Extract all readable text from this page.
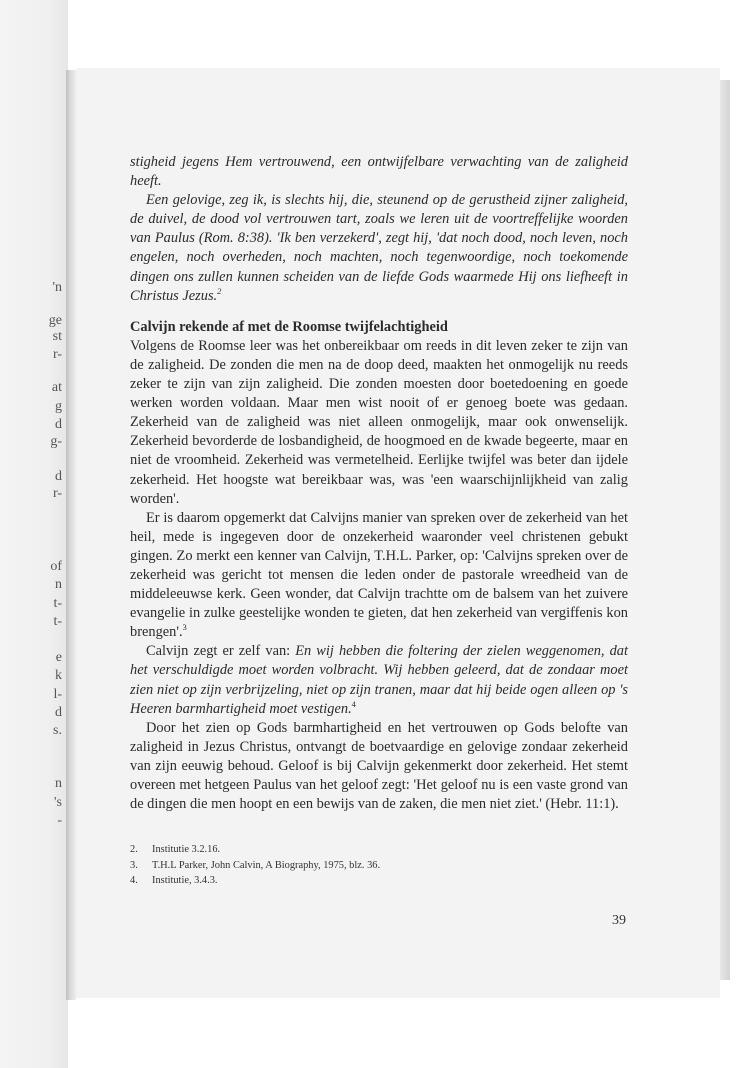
'n
ge
st
r-
at
g
d
g-
d
r-
of
n
t-
t-
e
k
l-
d
s.
n
's
-

stigheid jegens Hem vertrouwend, een ontwijfelbare verwachting van de zaligheid heeft.

Een gelovige, zeg ik, is slechts hij, die, steunend op de gerustheid zijner zaligheid, de duivel, de dood vol vertrouwen tart, zoals we leren uit de voortreffelijke woorden van Paulus (Rom. 8:38). 'Ik ben verzekerd', zegt hij, 'dat noch dood, noch leven, noch engelen, noch overheden, noch machten, noch tegenwoordige, noch toekomende dingen ons zullen kunnen scheiden van de liefde Gods waarmede Hij ons liefheeft in Christus Jezus.$^2$

Calvijn rekende af met de Roomse twijfelachtigheid

Volgens de Roomse leer was het onbereikbaar om reeds in dit leven zeker te zijn van de zaligheid. De zonden die men na de doop deed, maakten het onmogelijk nu reeds zeker te zijn van zijn zaligheid. Die zonden moesten door boetedoening en goede werken worden voldaan. Maar men wist nooit of er genoeg boete was gedaan. Zekerheid van de zaligheid was niet alleen onmogelijk, maar ook onwenselijk. Zekerheid bevorderde de losbandigheid, de hoogmoed en de kwade begeerte, maar en niet de vroomheid. Zekerheid was vermetelheid. Eerlijke twijfel was beter dan ijdele zekerheid. Het hoogste wat bereikbaar was, was 'een waarschijnlijkheid van zalig worden'.

Er is daarom opgemerkt dat Calvijns manier van spreken over de zekerheid van het heil, mede is ingegeven door de onzekerheid waaronder veel christenen gebukt gingen. Zo merkt een kenner van Calvijn, T.H.L. Parker, op: 'Calvijns spreken over de zekerheid was gericht tot mensen die leden onder de pastorale wreedheid van de middeleeuwse kerk. Geen wonder, dat Calvijn trachtte om de balsem van het zuivere evangelie in zulke geestelijke wonden te gieten, dat hen zekerheid van vergiffenis kon brengen'.$^3$

Calvijn zegt er zelf van: En wij hebben die foltering der zielen weggenomen, dat het verschuldigde moet worden volbracht. Wij hebben geleerd, dat de zondaar moet zien niet op zijn verbrijzeling, niet op zijn tranen, maar dat hij beide ogen alleen op 's Heeren barmhartigheid moet vestigen.$^4$

Door het zien op Gods barmhartigheid en het vertrouwen op Gods belofte van zaligheid in Jezus Christus, ontvangt de boetvaardige en gelovige zondaar zekerheid van zijn eeuwig behoud. Geloof is bij Calvijn gekenmerkt door zekerheid. Het stemt overeen met hetgeen Paulus van het geloof zegt: 'Het geloof nu is een vaste grond van de dingen die men hoopt en een bewijs van de zaken, die men niet ziet.' (Hebr. 11:1).

2.	Institutie 3.2.16.
3.	T.H.L Parker, John Calvin, A Biography, 1975, blz. 36.
4.	Institutie, 3.4.3.
39
